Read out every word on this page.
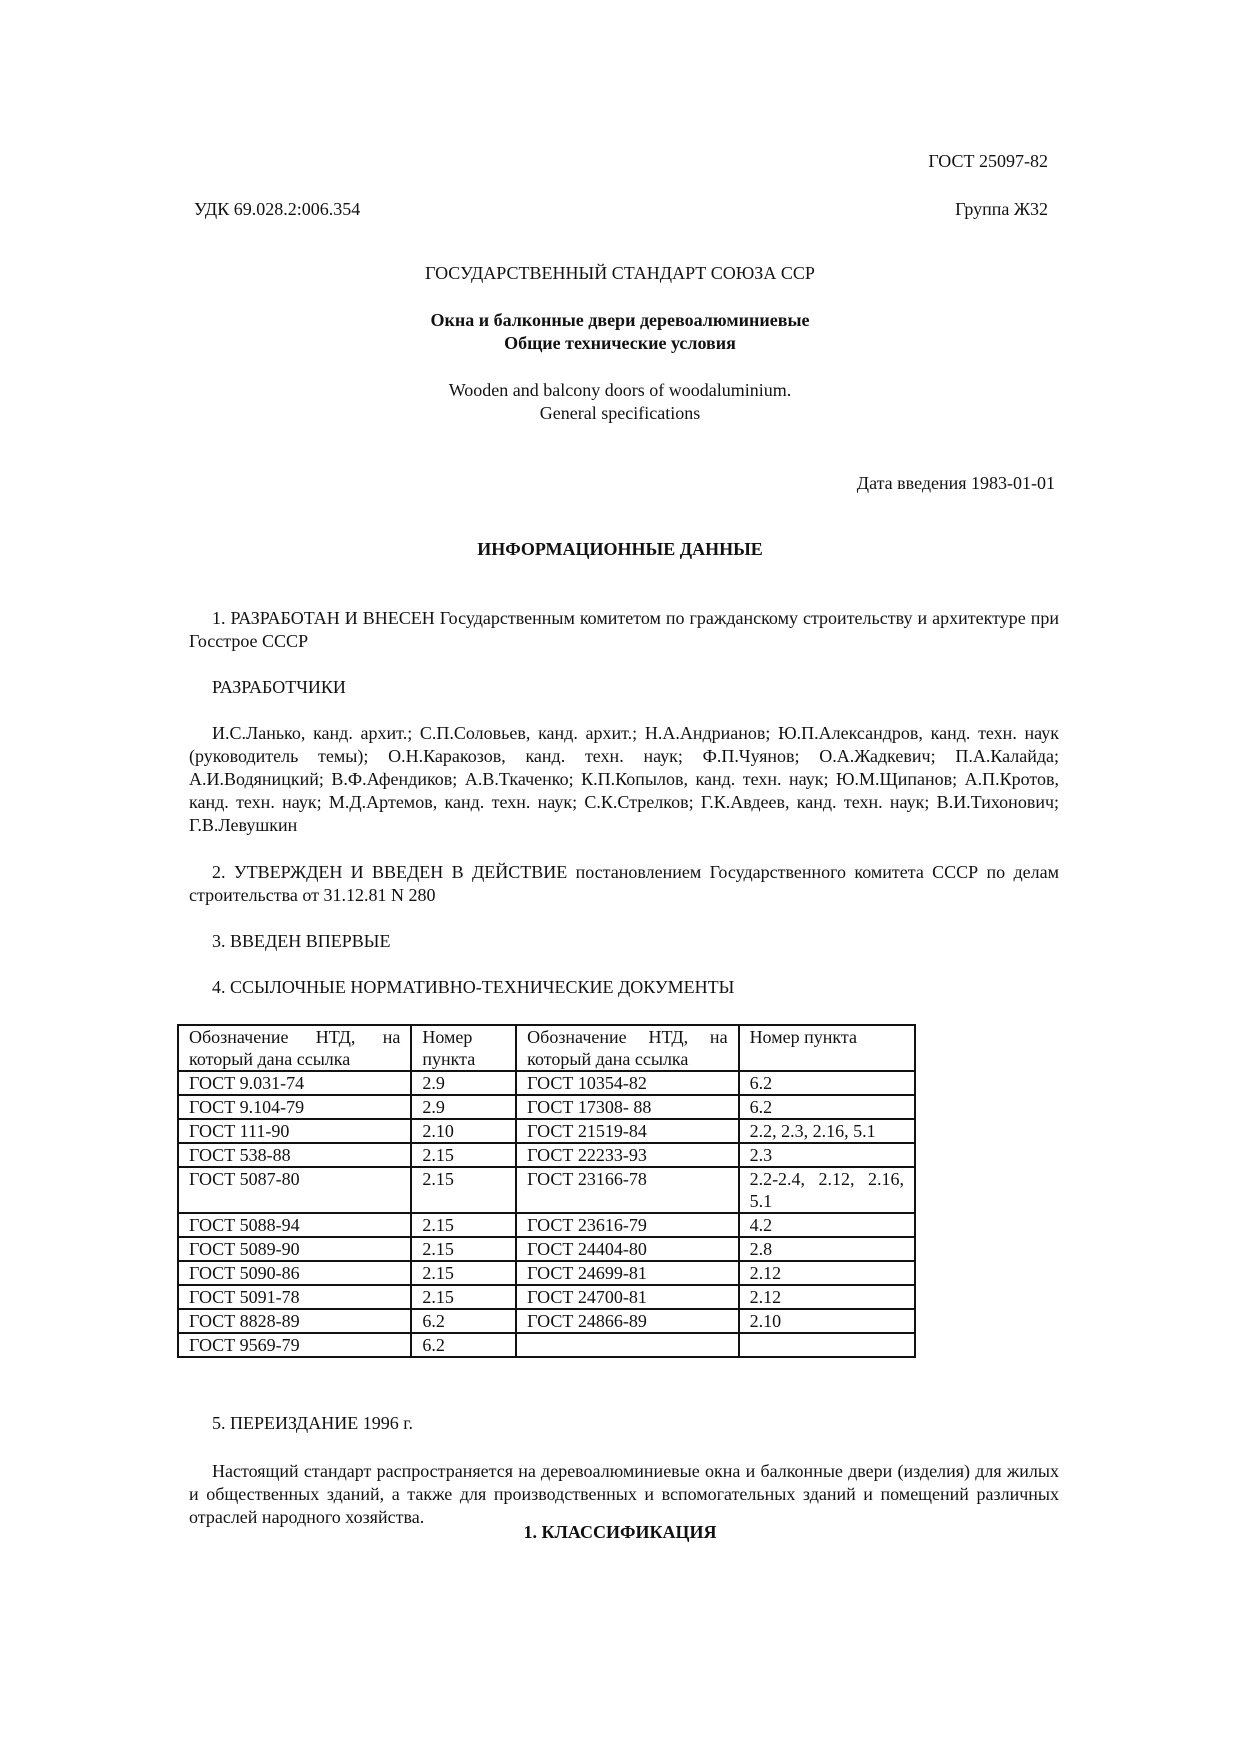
ГОСТ 25097-82
УДК 69.028.2:006.354	Группа Ж32
ГОСУДАРСТВЕННЫЙ СТАНДАРТ СОЮЗА ССР
Окна и балконные двери деревоалюминиевые
Общие технические условия
Wooden and balcony doors of woodaluminium.
General specifications
Дата введения 1983-01-01
ИНФОРМАЦИОННЫЕ ДАННЫЕ
1. РАЗРАБОТАН И ВНЕСЕН Государственным комитетом по гражданскому строительству и архитектуре при Госстрое СССР
РАЗРАБОТЧИКИ
И.С.Ланько, канд. архит.; С.П.Соловьев, канд. архит.; Н.А.Андрианов; Ю.П.Александров, канд. техн. наук (руководитель темы); О.Н.Каракозов, канд. техн. наук; Ф.П.Чуянов; О.А.Жадкевич; П.А.Калайда; А.И.Водяницкий; В.Ф.Афендиков; А.В.Ткаченко; К.П.Копылов, канд. техн. наук; Ю.М.Щипанов; А.П.Кротов, канд. техн. наук; М.Д.Артемов, канд. техн. наук; С.К.Стрелков; Г.К.Авдеев, канд. техн. наук; В.И.Тихонович; Г.В.Левушкин
2. УТВЕРЖДЕН И ВВЕДЕН В ДЕЙСТВИЕ постановлением Государственного комитета СССР по делам строительства от 31.12.81 N 280
3. ВВЕДЕН ВПЕРВЫЕ
4. ССЫЛОЧНЫЕ НОРМАТИВНО-ТЕХНИЧЕСКИЕ ДОКУМЕНТЫ
Обозначение НТД, на который дана ссылка	Номер пункта	Обозначение НТД, на который дана ссылка	Номер пункта
ГОСТ 9.031-74	2.9	ГОСТ 10354-82	6.2
ГОСТ 9.104-79	2.9	ГОСТ 17308- 88	6.2
ГОСТ 111-90	2.10	ГОСТ 21519-84	2.2, 2.3, 2.16, 5.1
ГОСТ 538-88	2.15	ГОСТ 22233-93	2.3
ГОСТ 5087-80	2.15	ГОСТ 23166-78	2.2-2.4, 2.12, 2.16, 5.1
ГОСТ 5088-94	2.15	ГОСТ 23616-79	4.2
ГОСТ 5089-90	2.15	ГОСТ 24404-80	2.8
ГОСТ 5090-86	2.15	ГОСТ 24699-81	2.12
ГОСТ 5091-78	2.15	ГОСТ 24700-81	2.12
ГОСТ 8828-89	6.2	ГОСТ 24866-89	2.10
ГОСТ 9569-79	6.2		
5. ПЕРЕИЗДАНИЕ 1996 г.
Настоящий стандарт распространяется на деревоалюминиевые окна и балконные двери (изделия) для жилых и общественных зданий, а также для производственных и вспомогательных зданий и помещений различных отраслей народного хозяйства.
1. КЛАССИФИКАЦИЯ
